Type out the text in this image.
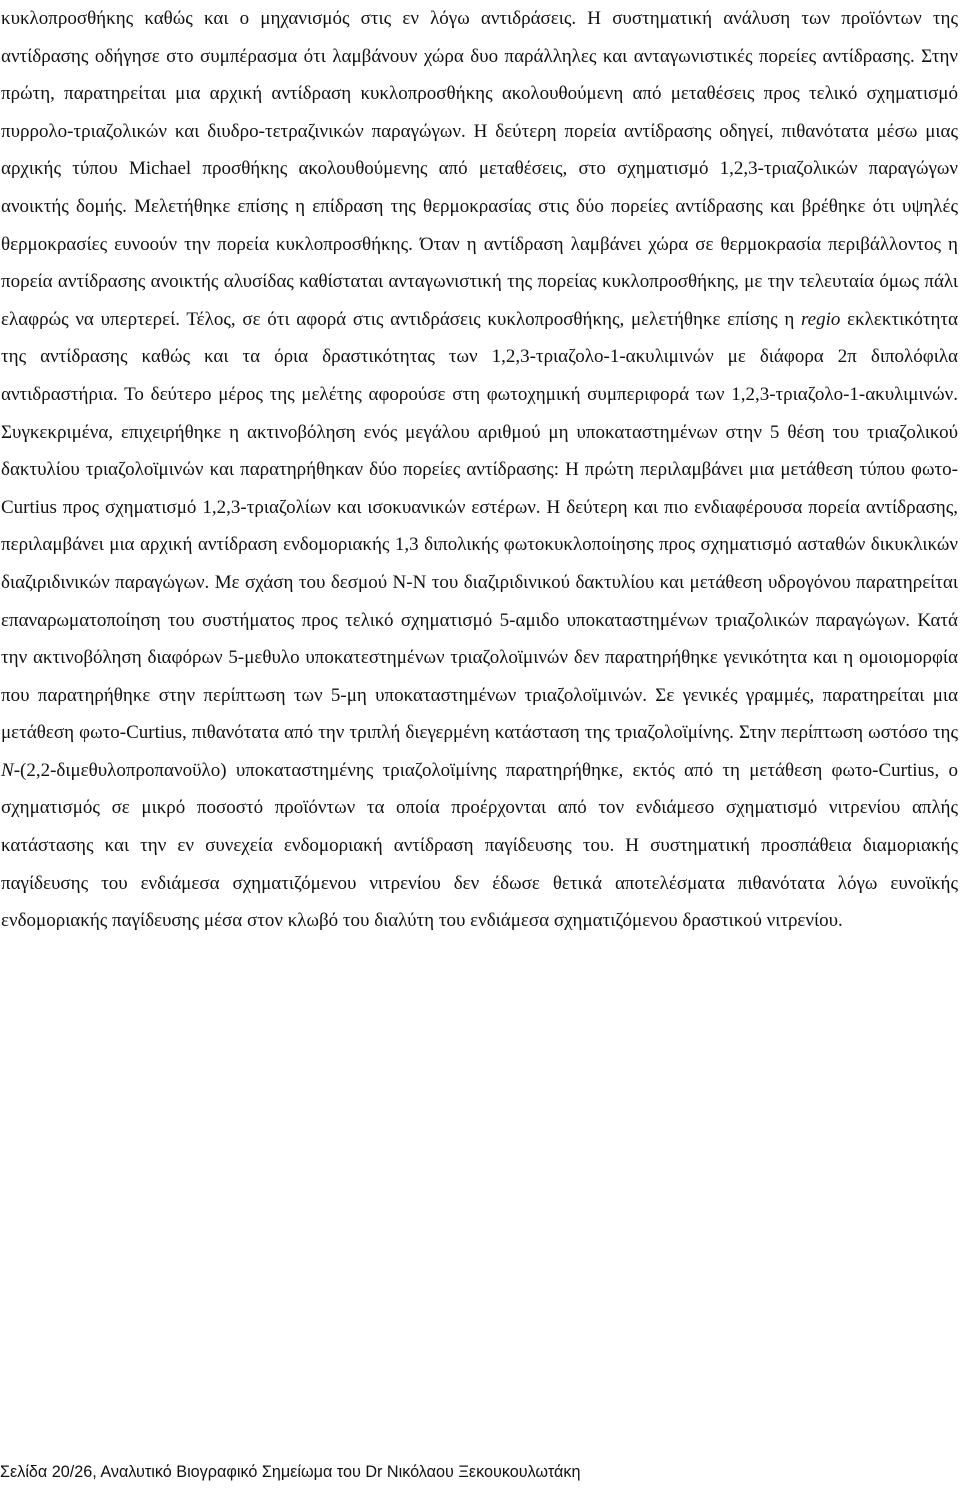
κυκλοπροσθήκης καθώς και ο μηχανισμός στις εν λόγω αντιδράσεις. Η συστηματική ανάλυση των προϊόντων της αντίδρασης οδήγησε στο συμπέρασμα ότι λαμβάνουν χώρα δυο παράλληλες και ανταγωνιστικές πορείες αντίδρασης. Στην πρώτη, παρατηρείται μια αρχική αντίδραση κυκλοπροσθήκης ακολουθούμενη από μεταθέσεις προς τελικό σχηματισμό πυρρολο-τριαζολικών και διυδρο-τετραζινικών παραγώγων. Η δεύτερη πορεία αντίδρασης οδηγεί, πιθανότατα μέσω μιας αρχικής τύπου Michael προσθήκης ακολουθούμενης από μεταθέσεις, στο σχηματισμό 1,2,3-τριαζολικών παραγώγων ανοικτής δομής. Μελετήθηκε επίσης η επίδραση της θερμοκρασίας στις δύο πορείες αντίδρασης και βρέθηκε ότι υψηλές θερμοκρασίες ευνοούν την πορεία κυκλοπροσθήκης. Όταν η αντίδραση λαμβάνει χώρα σε θερμοκρασία περιβάλλοντος η πορεία αντίδρασης ανοικτής αλυσίδας καθίσταται ανταγωνιστική της πορείας κυκλοπροσθήκης, με την τελευταία όμως πάλι ελαφρώς να υπερτερεί. Τέλος, σε ότι αφορά στις αντιδράσεις κυκλοπροσθήκης, μελετήθηκε επίσης η regio εκλεκτικότητα της αντίδρασης καθώς και τα όρια δραστικότητας των 1,2,3-τριαζολο-1-ακυλιμινών με διάφορα 2π διπολόφιλα αντιδραστήρια. Το δεύτερο μέρος της μελέτης αφορούσε στη φωτοχημική συμπεριφορά των 1,2,3-τριαζολο-1-ακυλιμινών. Συγκεκριμένα, επιχειρήθηκε η ακτινοβόληση ενός μεγάλου αριθμού μη υποκαταστημένων στην 5 θέση του τριαζολικού δακτυλίου τριαζολοϊμινών και παρατηρήθηκαν δύο πορείες αντίδρασης: Η πρώτη περιλαμβάνει μια μετάθεση τύπου φωτο-Curtius προς σχηματισμό 1,2,3-τριαζολίων και ισοκυανικών εστέρων. Η δεύτερη και πιο ενδιαφέρουσα πορεία αντίδρασης, περιλαμβάνει μια αρχική αντίδραση ενδομοριακής 1,3 διπολικής φωτοκυκλοποίησης προς σχηματισμό ασταθών δικυκλικών διαζιριδινικών παραγώγων. Με σχάση του δεσμού N-N του διαζιριδινικού δακτυλίου και μετάθεση υδρογόνου παρατηρείται επαναρωματοποίηση του συστήματος προς τελικό σχηματισμό 5-αμιδο υποκαταστημένων τριαζολικών παραγώγων. Κατά την ακτινοβόληση διαφόρων 5-μεθυλο υποκατεστημένων τριαζολοϊμινών δεν παρατηρήθηκε γενικότητα και η ομοιομορφία που παρατηρήθηκε στην περίπτωση των 5-μη υποκαταστημένων τριαζολοϊμινών. Σε γενικές γραμμές, παρατηρείται μια μετάθεση φωτο-Curtius, πιθανότατα από την τριπλή διεγερμένη κατάσταση της τριαζολοϊμίνης. Στην περίπτωση ωστόσο της N-(2,2-διμεθυλοπροπανοϋλο) υποκαταστημένης τριαζολοϊμίνης παρατηρήθηκε, εκτός από τη μετάθεση φωτο-Curtius, ο σχηματισμός σε μικρό ποσοστό προϊόντων τα οποία προέρχονται από τον ενδιάμεσο σχηματισμό νιτρενίου απλής κατάστασης και την εν συνεχεία ενδομοριακή αντίδραση παγίδευσης του. Η συστηματική προσπάθεια διαμοριακής παγίδευσης του ενδιάμεσα σχηματιζόμενου νιτρενίου δεν έδωσε θετικά αποτελέσματα πιθανότατα λόγω ευνοϊκής ενδομοριακής παγίδευσης μέσα στον κλωβό του διαλύτη του ενδιάμεσα σχηματιζόμενου δραστικού νιτρενίου.

Σελίδα 20/26, Αναλυτικό Βιογραφικό Σημείωμα του Dr Νικόλαου Ξεκουκουλωτάκη
